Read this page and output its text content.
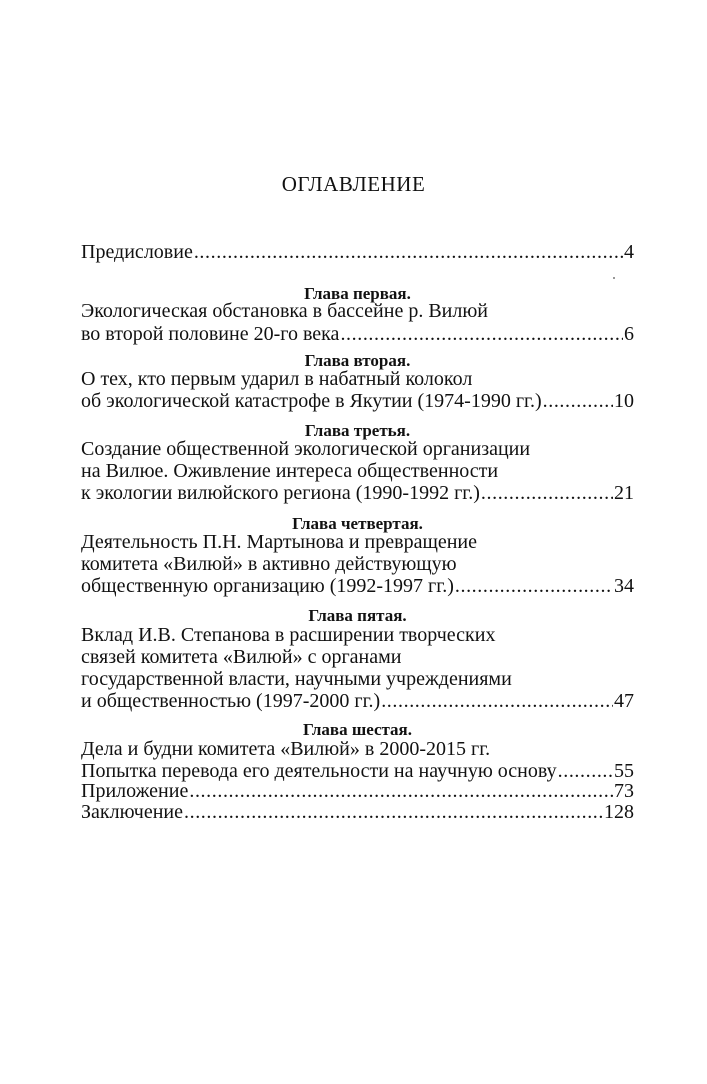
ОГЛАВЛЕНИЕ
Предисловие .....	4
Глава первая.
Экологическая обстановка в бассейне р. Вилюй
во второй половине 20-го века .....	6
Глава вторая.
О тех, кто первым ударил в набатный колокол
об экологической катастрофе в Якутии (1974-1990 гг.) .....	10
Глава третья.
Создание общественной экологической организации
на Вилюе. Оживление интереса общественности
к экологии вилюйского региона (1990-1992 гг.) .....	21
Глава четвертая.
Деятельность П.Н. Мартынова и превращение
комитета «Вилюй» в активно действующую
общественную организацию (1992-1997 гг.) .....	34
Глава пятая.
Вклад И.В. Степанова в расширении творческих
связей комитета «Вилюй» с органами
государственной власти, научными учреждениями
и общественностью (1997-2000 гг.) .....	47
Глава шестая.
Дела и будни комитета «Вилюй» в 2000-2015 гг.
Попытка перевода его деятельности на научную основу .....	55
Приложение .....	73
Заключение .....	128
